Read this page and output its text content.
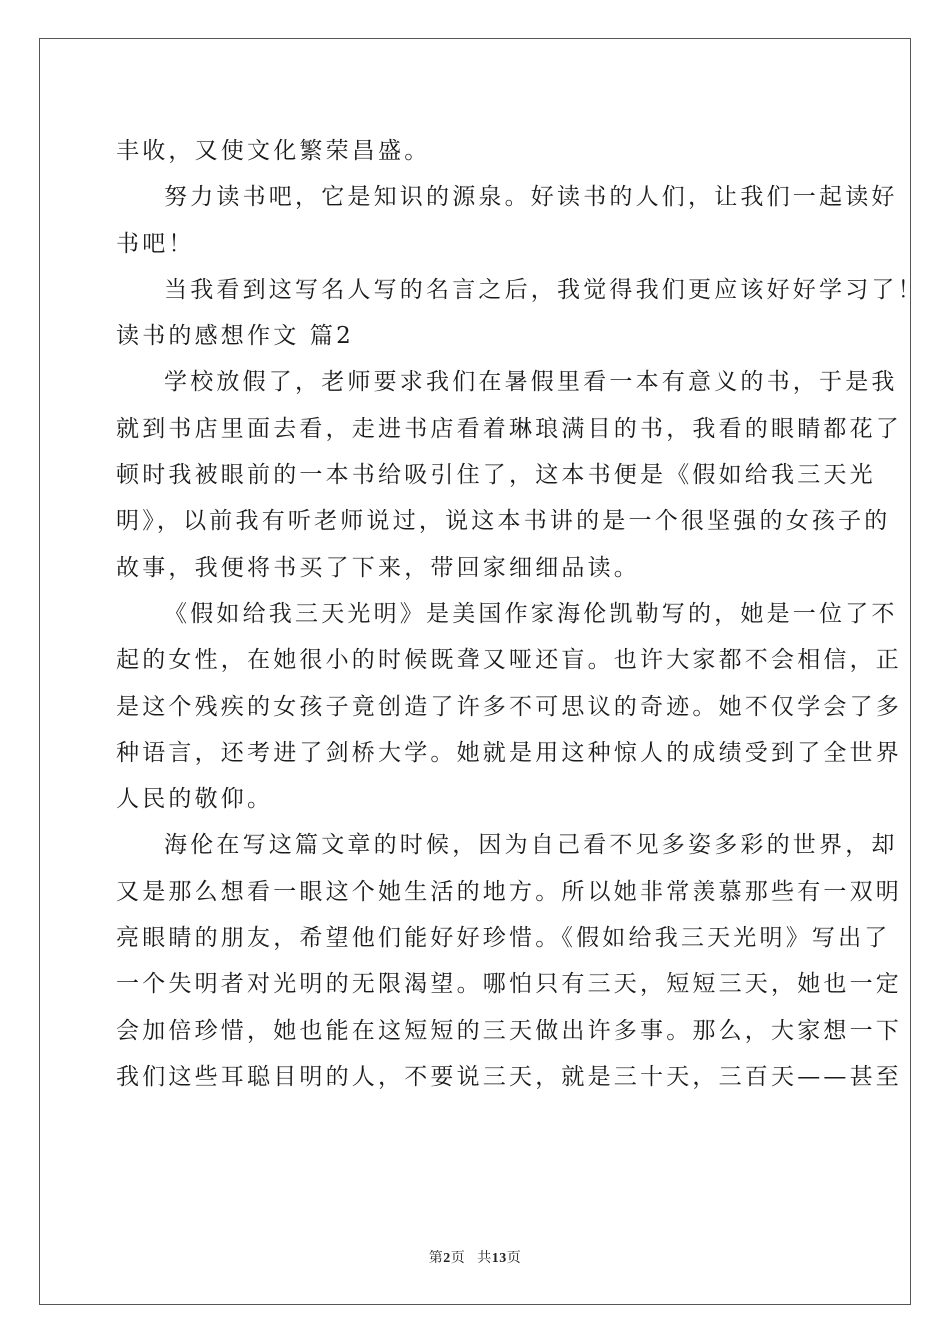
丰收，又使文化繁荣昌盛。
努力读书吧，它是知识的源泉。好读书的人们，让我们一起读好
书吧！
当我看到这写名人写的名言之后，我觉得我们更应该好好学习了！
读书的感想作文 篇2
学校放假了，老师要求我们在暑假里看一本有意义的书，于是我
就到书店里面去看，走进书店看着琳琅满目的书，我看的眼睛都花了
顿时我被眼前的一本书给吸引住了，这本书便是《假如给我三天光
明》，以前我有听老师说过，说这本书讲的是一个很坚强的女孩子的
故事，我便将书买了下来，带回家细细品读。
《假如给我三天光明》是美国作家海伦凯勒写的，她是一位了不
起的女性，在她很小的时候既聋又哑还盲。也许大家都不会相信，正
是这个残疾的女孩子竟创造了许多不可思议的奇迹。她不仅学会了多
种语言，还考进了剑桥大学。她就是用这种惊人的成绩受到了全世界
人民的敬仰。
海伦在写这篇文章的时候，因为自己看不见多姿多彩的世界，却
又是那么想看一眼这个她生活的地方。所以她非常羡慕那些有一双明
亮眼睛的朋友，希望他们能好好珍惜。《假如给我三天光明》写出了
一个失明者对光明的无限渴望。哪怕只有三天，短短三天，她也一定
会加倍珍惜，她也能在这短短的三天做出许多事。那么，大家想一下
我们这些耳聪目明的人，不要说三天，就是三十天，三百天——甚至
第2页 共13页
